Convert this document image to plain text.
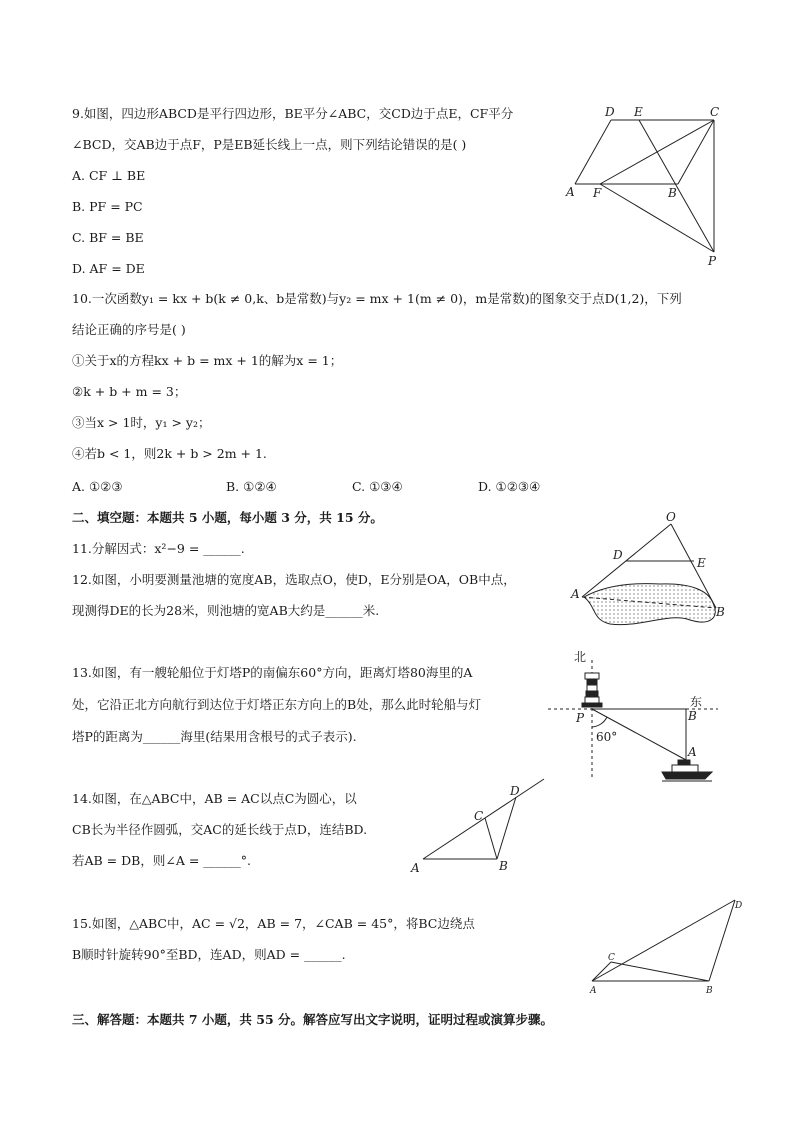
9.如图，四边形ABCD是平行四边形，BE平分∠ABC，交CD边于点E，CF平分
∠BCD，交AB边于点F，P是EB延长线上一点，则下列结论错误的是( )
A. CF ⊥ BE
B. PF = PC
C. BF = BE
D. AF = DE
D E	C
A F	B
P
10.一次函数y₁ = kx + b(k ≠ 0,k、b是常数)与y₂ = mx + 1(m ≠ 0)，m是常数)的图象交于点D(1,2)，下列
结论正确的序号是( )
①关于x的方程kx + b = mx + 1的解为x = 1；
②k + b + m = 3；
③当x > 1时，y₁ > y₂；
④若b < 1，则2k + b > 2m + 1.
A. ①②③	B. ①②④	C. ①③④	D. ①②③④
二、填空题：本题共 5 小题，每小题 3 分，共 15 分。
11.分解因式：x²−9 = ______.
12.如图，小明要测量池塘的宽度AB，选取点O，使D，E分别是OA，OB中点，
现测得DE的长为28米，则池塘的宽AB大约是______米.
O
D
E
A
B
13.如图，有一艘轮船位于灯塔P的南偏东60°方向，距离灯塔80海里的A
处，它沿正北方向航行到达位于灯塔正东方向上的B处，那么此时轮船与灯
塔P的距离为______海里(结果用含根号的式子表示).
北
东
P	B
A
60°
14.如图，在△ABC中，AB = AC以点C为圆心，以
CB长为半径作圆弧，交AC的延长线于点D，连结BD.
若AB = DB，则∠A = ______°.
D
C
A	B
15.如图，△ABC中，AC = √2，AB = 7，∠CAB = 45°，将BC边绕点
B顺时针旋转90°至BD，连AD，则AD = ______.
D
C
A	B
三、解答题：本题共 7 小题，共 55 分。解答应写出文字说明，证明过程或演算步骤。
